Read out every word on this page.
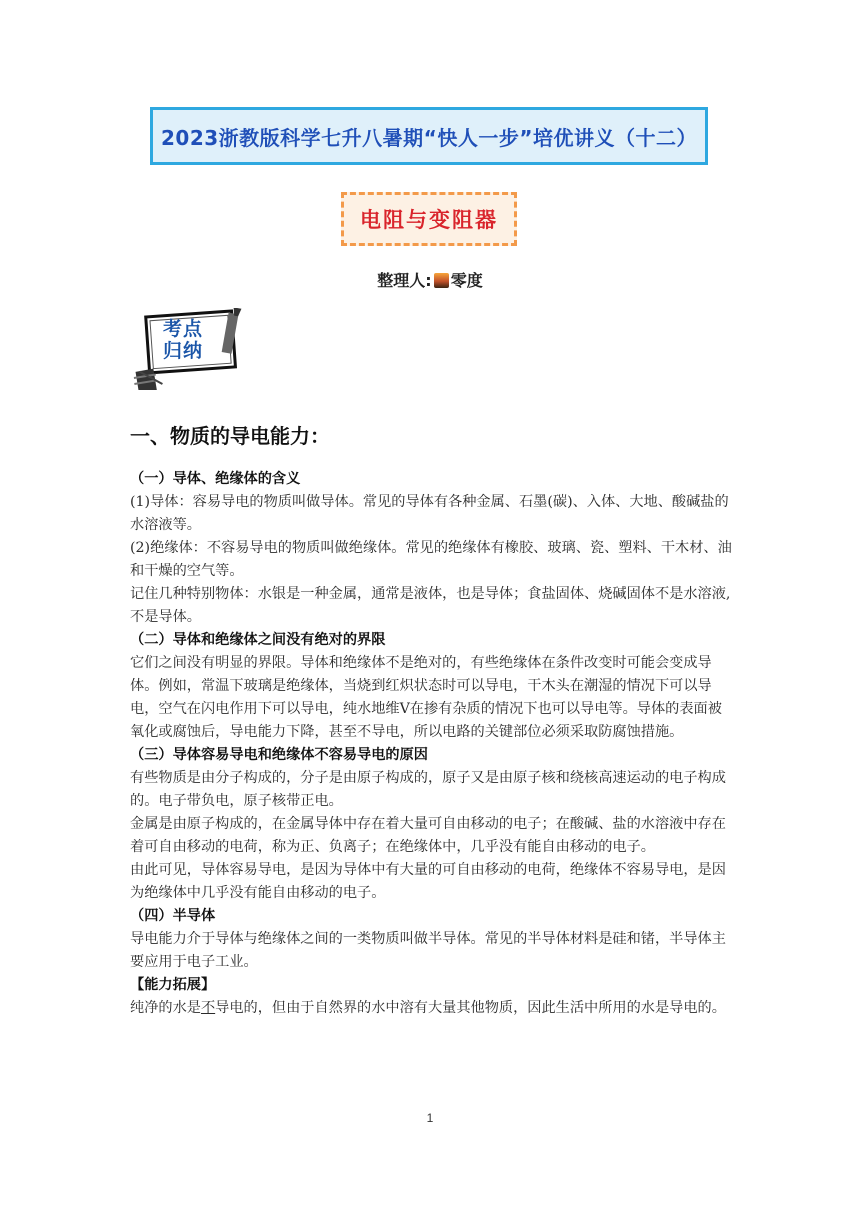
2023浙教版科学七升八暑期“快人一步”培优讲义（十二）
电阻与变阻器
整理人: 零度
考点
归纳
一、物质的导电能力：

（一）导体、绝缘体的含义

(1)导体：容易导电的物质叫做导体。常见的导体有各种金属、石墨(碳)、入体、大地、酸碱盐的水溶液等。

(2)绝缘体：不容易导电的物质叫做绝缘体。常见的绝缘体有橡胶、玻璃、瓷、塑料、干木材、油和干燥的空气等。

记住几种特别物体：水银是一种金属，通常是液体，也是导体；食盐固体、烧碱固体不是水溶液,不是导体。

（二）导体和绝缘体之间没有绝对的界限

它们之间没有明显的界限。导体和绝缘体不是绝对的，有些绝缘体在条件改变时可能会变成导体。例如，常温下玻璃是绝缘体，当烧到红炽状态时可以导电，干木头在潮湿的情况下可以导电，空气在闪电作用下可以导电，纯水地维Ⅴ在掺有杂质的情况下也可以导电等。导体的表面被氧化或腐蚀后，导电能力下降，甚至不导电，所以电路的关键部位必须采取防腐蚀措施。

（三）导体容易导电和绝缘体不容易导电的原因

有些物质是由分子构成的，分子是由原子构成的，原子又是由原子核和绕核高速运动的电子构成的。电子带负电，原子核带正电。

金属是由原子构成的，在金属导体中存在着大量可自由移动的电子；在酸碱、盐的水溶液中存在着可自由移动的电荷，称为正、负离子；在绝缘体中，几乎没有能自由移动的电子。

由此可见，导体容易导电，是因为导体中有大量的可自由移动的电荷，绝缘体不容易导电，是因为绝缘体中几乎没有能自由移动的电子。

（四）半导体

导电能力介于导体与绝缘体之间的一类物质叫做半导体。常见的半导体材料是硅和锗，半导体主要应用于电子工业。

【能力拓展】

纯净的水是不导电的，但由于自然界的水中溶有大量其他物质，因此生活中所用的水是导电的。

1
